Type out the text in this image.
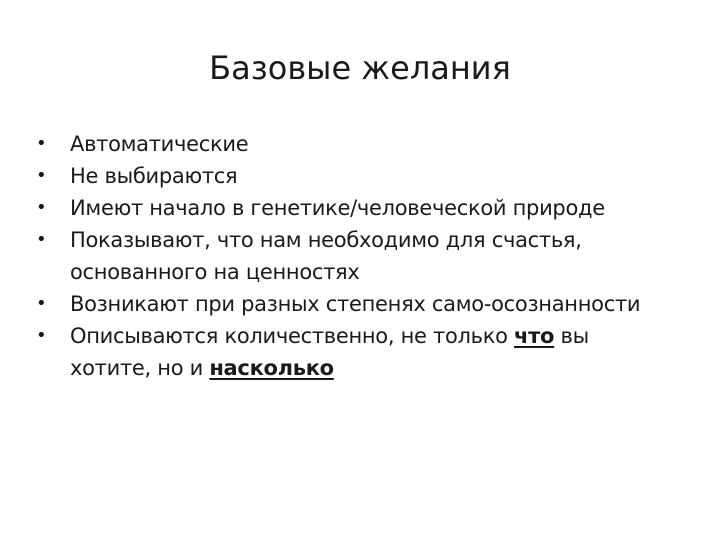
Базовые желания
•	Автоматические
•	Не выбираются
•	Имеют начало в генетике/человеческой природе
•	Показывают, что нам необходимо для счастья, основанного на ценностях
•	Возникают при разных степенях само-осознанности
•	Описываются количественно, не только что вы хотите, но и насколько
